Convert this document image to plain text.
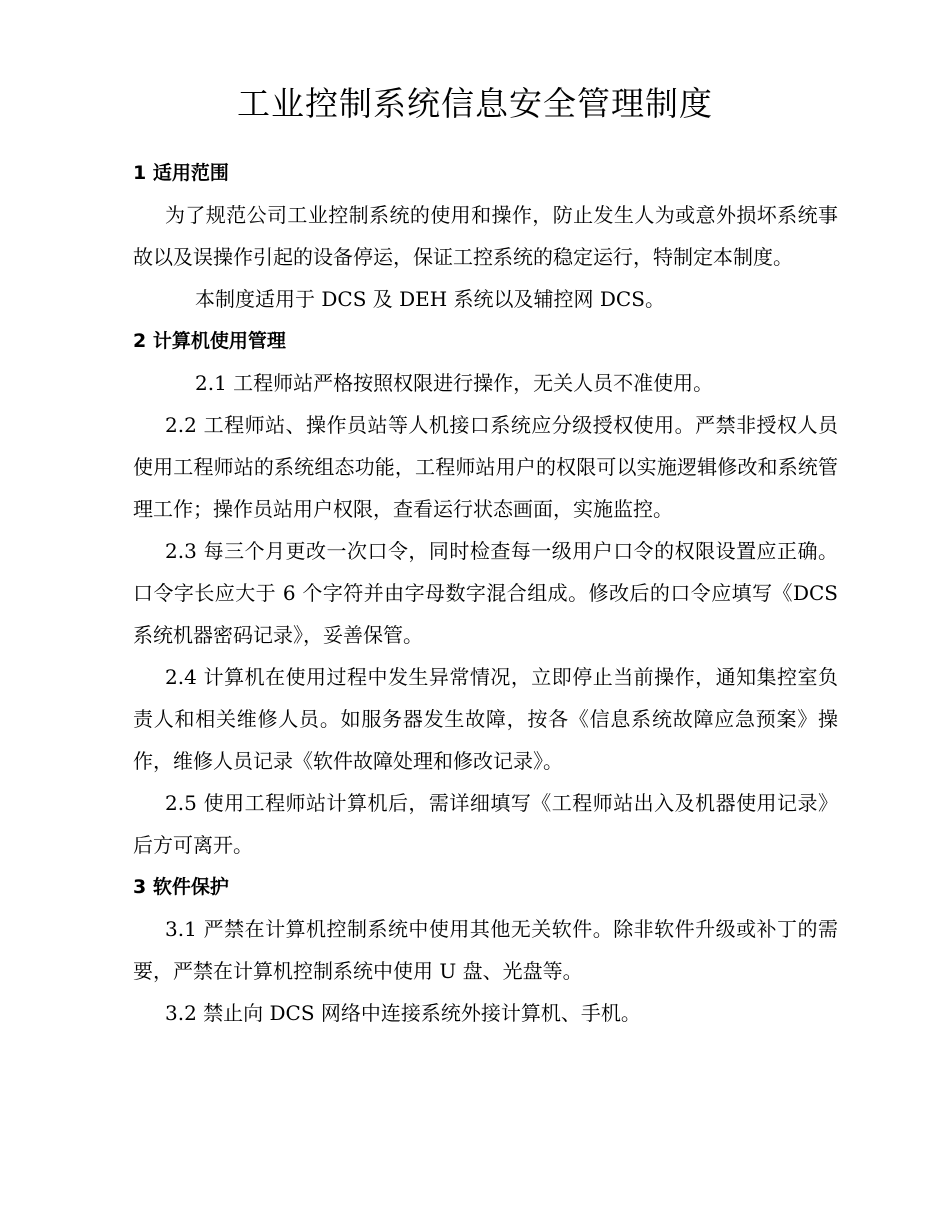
工业控制系统信息安全管理制度

1 适用范围

为了规范公司工业控制系统的使用和操作，防止发生人为或意外损坏系统事故以及误操作引起的设备停运，保证工控系统的稳定运行，特制定本制度。

本制度适用于 DCS 及 DEH 系统以及辅控网 DCS。

2 计算机使用管理

2.1 工程师站严格按照权限进行操作，无关人员不准使用。

2.2 工程师站、操作员站等人机接口系统应分级授权使用。严禁非授权人员使用工程师站的系统组态功能，工程师站用户的权限可以实施逻辑修改和系统管理工作；操作员站用户权限，查看运行状态画面，实施监控。

2.3 每三个月更改一次口令，同时检查每一级用户口令的权限设置应正确。口令字长应大于 6 个字符并由字母数字混合组成。修改后的口令应填写《DCS 系统机器密码记录》，妥善保管。

2.4 计算机在使用过程中发生异常情况，立即停止当前操作，通知集控室负责人和相关维修人员。如服务器发生故障，按各《信息系统故障应急预案》操作，维修人员记录《软件故障处理和修改记录》。

2.5 使用工程师站计算机后，需详细填写《工程师站出入及机器使用记录》后方可离开。

3 软件保护

3.1 严禁在计算机控制系统中使用其他无关软件。除非软件升级或补丁的需要，严禁在计算机控制系统中使用 U 盘、光盘等。

3.2 禁止向 DCS 网络中连接系统外接计算机、手机。
